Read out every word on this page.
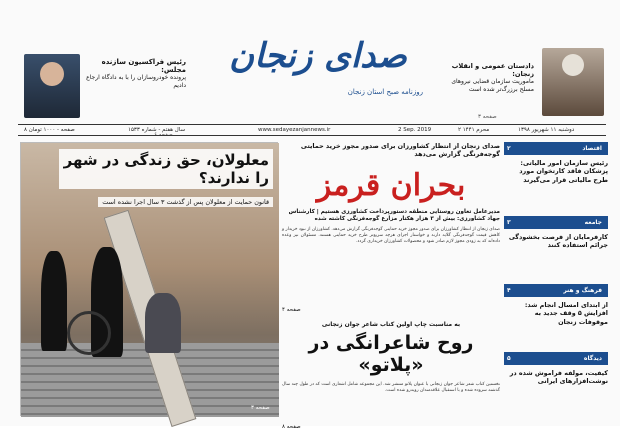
رئیس فراکسیون سازنده مجلس:
پرونده خودروسازان را با به دادگاه ارجاع دادیم
صفحه ۶
صدای زنجان
روزنامه صبح استان زنجان
دادستان عمومی و انقلاب زنجان:
ماموریت سازمان قضایی نیروهای مسلح برزرگ‌تر شده است
صفحه ۳
۸ صفحه - ۱۰۰۰ تومان	سال هفتم - شماره ۱۵۳۳	www.sedayezanjannews.ir	2 Sep. 2019	۲ محرم ۱۴۴۱	دوشنبه ۱۱ شهریور ۱۳۹۸
معلولان، حق زندگی در شهر را ندارند؟
قانون حمایت از معلولان پس از گذشت ۳ سال اجرا نشده است
صفحه ۳
صدای زنجان از انتظار کشاورزان برای صدور مجوز خرید حمایتی گوجه‌فرنگی گزارش می‌دهد
بحران قرمز
مدیرعامل تعاون روستایی منطقه دستورپرداخت کشاورزی هستیم | کارشناس جهاد کشاورزی: بیش از ۳ هزار هکتار مزارع گوجه‌فرنگی کاشته شده
صدای زنجان از انتظار کشاورزان برای صدور مجوز خرید حمایتی گوجه‌فرنگی گزارش می‌دهد. کشاورزان از نبود خریدار و کاهش قیمت گوجه‌فرنگی گلایه دارند و خواستار اجرای هرچه سریع‌تر طرح خرید حمایتی هستند. مسئولان نیز وعده داده‌اند که به زودی مجوز لازم صادر شود و محصولات کشاورزان خریداری گردد.
صفحه ۴
به مناسبت چاپ اولین کتاب شاعر جوان زنجانی
روح شاعرانگی در «پلاتو»
نخستین کتاب شعر شاعر جوان زنجانی با عنوان پلاتو منتشر شد. این مجموعه شامل اشعاری است که در طول چند سال گذشته سروده شده و با استقبال علاقه‌مندان روبه‌رو شده است.
صفحه ۸
اقتصاد
۲
رئیس سازمان امور مالیاتی: پزشکان فاقد کارتخوان مورد طرح مالیاتی قرار می‌گیرند
جامعه
۳
کارفرمایان از فرصت بخشودگی جرائم استفاده کنند
فرهنگ و هنر
۴
از ابتدای امسال انجام شد: افزایش ۵ وقف جدید به موقوفات زنجان
دیدگاه
۵
کیفیت، مولفه فراموش شده در نوشت‌افزارهای ایرانی
